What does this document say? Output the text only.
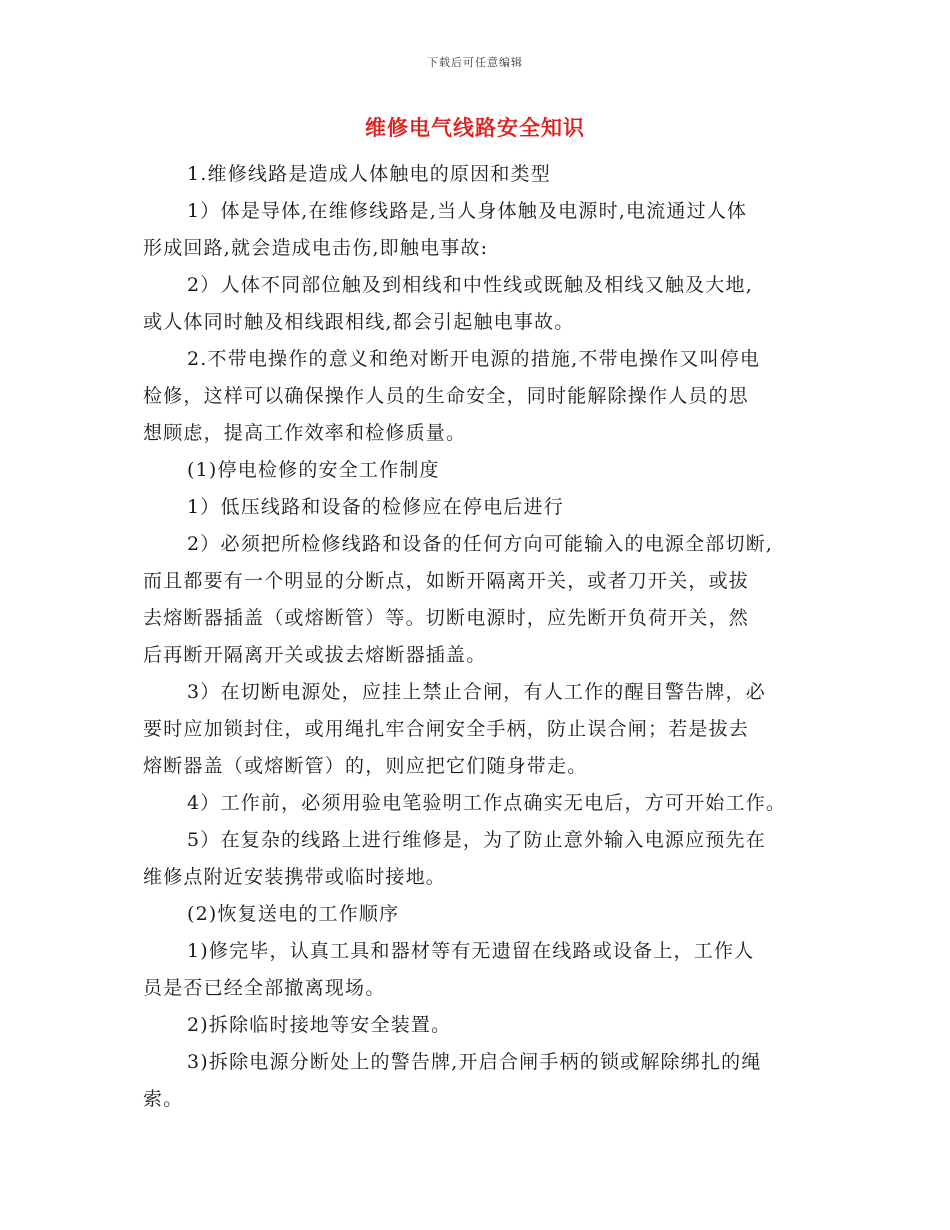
下载后可任意编辑
维修电气线路安全知识
1.维修线路是造成人体触电的原因和类型
1）体是导体,在维修线路是,当人身体触及电源时,电流通过人体
形成回路,就会造成电击伤,即触电事故:
2）人体不同部位触及到相线和中性线或既触及相线又触及大地,
或人体同时触及相线跟相线,都会引起触电事故。
2.不带电操作的意义和绝对断开电源的措施,不带电操作又叫停电
检修，这样可以确保操作人员的生命安全，同时能解除操作人员的思
想顾虑，提高工作效率和检修质量。
(1)停电检修的安全工作制度
1）低压线路和设备的检修应在停电后进行
2）必须把所检修线路和设备的任何方向可能输入的电源全部切断,
而且都要有一个明显的分断点，如断开隔离开关，或者刀开关，或拔
去熔断器插盖（或熔断管）等。切断电源时，应先断开负荷开关，然
后再断开隔离开关或拔去熔断器插盖。
3）在切断电源处，应挂上禁止合闸，有人工作的醒目警告牌，必
要时应加锁封住，或用绳扎牢合闸安全手柄，防止误合闸；若是拔去
熔断器盖（或熔断管）的，则应把它们随身带走。
4）工作前，必须用验电笔验明工作点确实无电后，方可开始工作。
5）在复杂的线路上进行维修是，为了防止意外输入电源应预先在
维修点附近安装携带或临时接地。
(2)恢复送电的工作顺序
1)修完毕，认真工具和器材等有无遗留在线路或设备上，工作人
员是否已经全部撤离现场。
2)拆除临时接地等安全装置。
3)拆除电源分断处上的警告牌,开启合闸手柄的锁或解除绑扎的绳
索。
